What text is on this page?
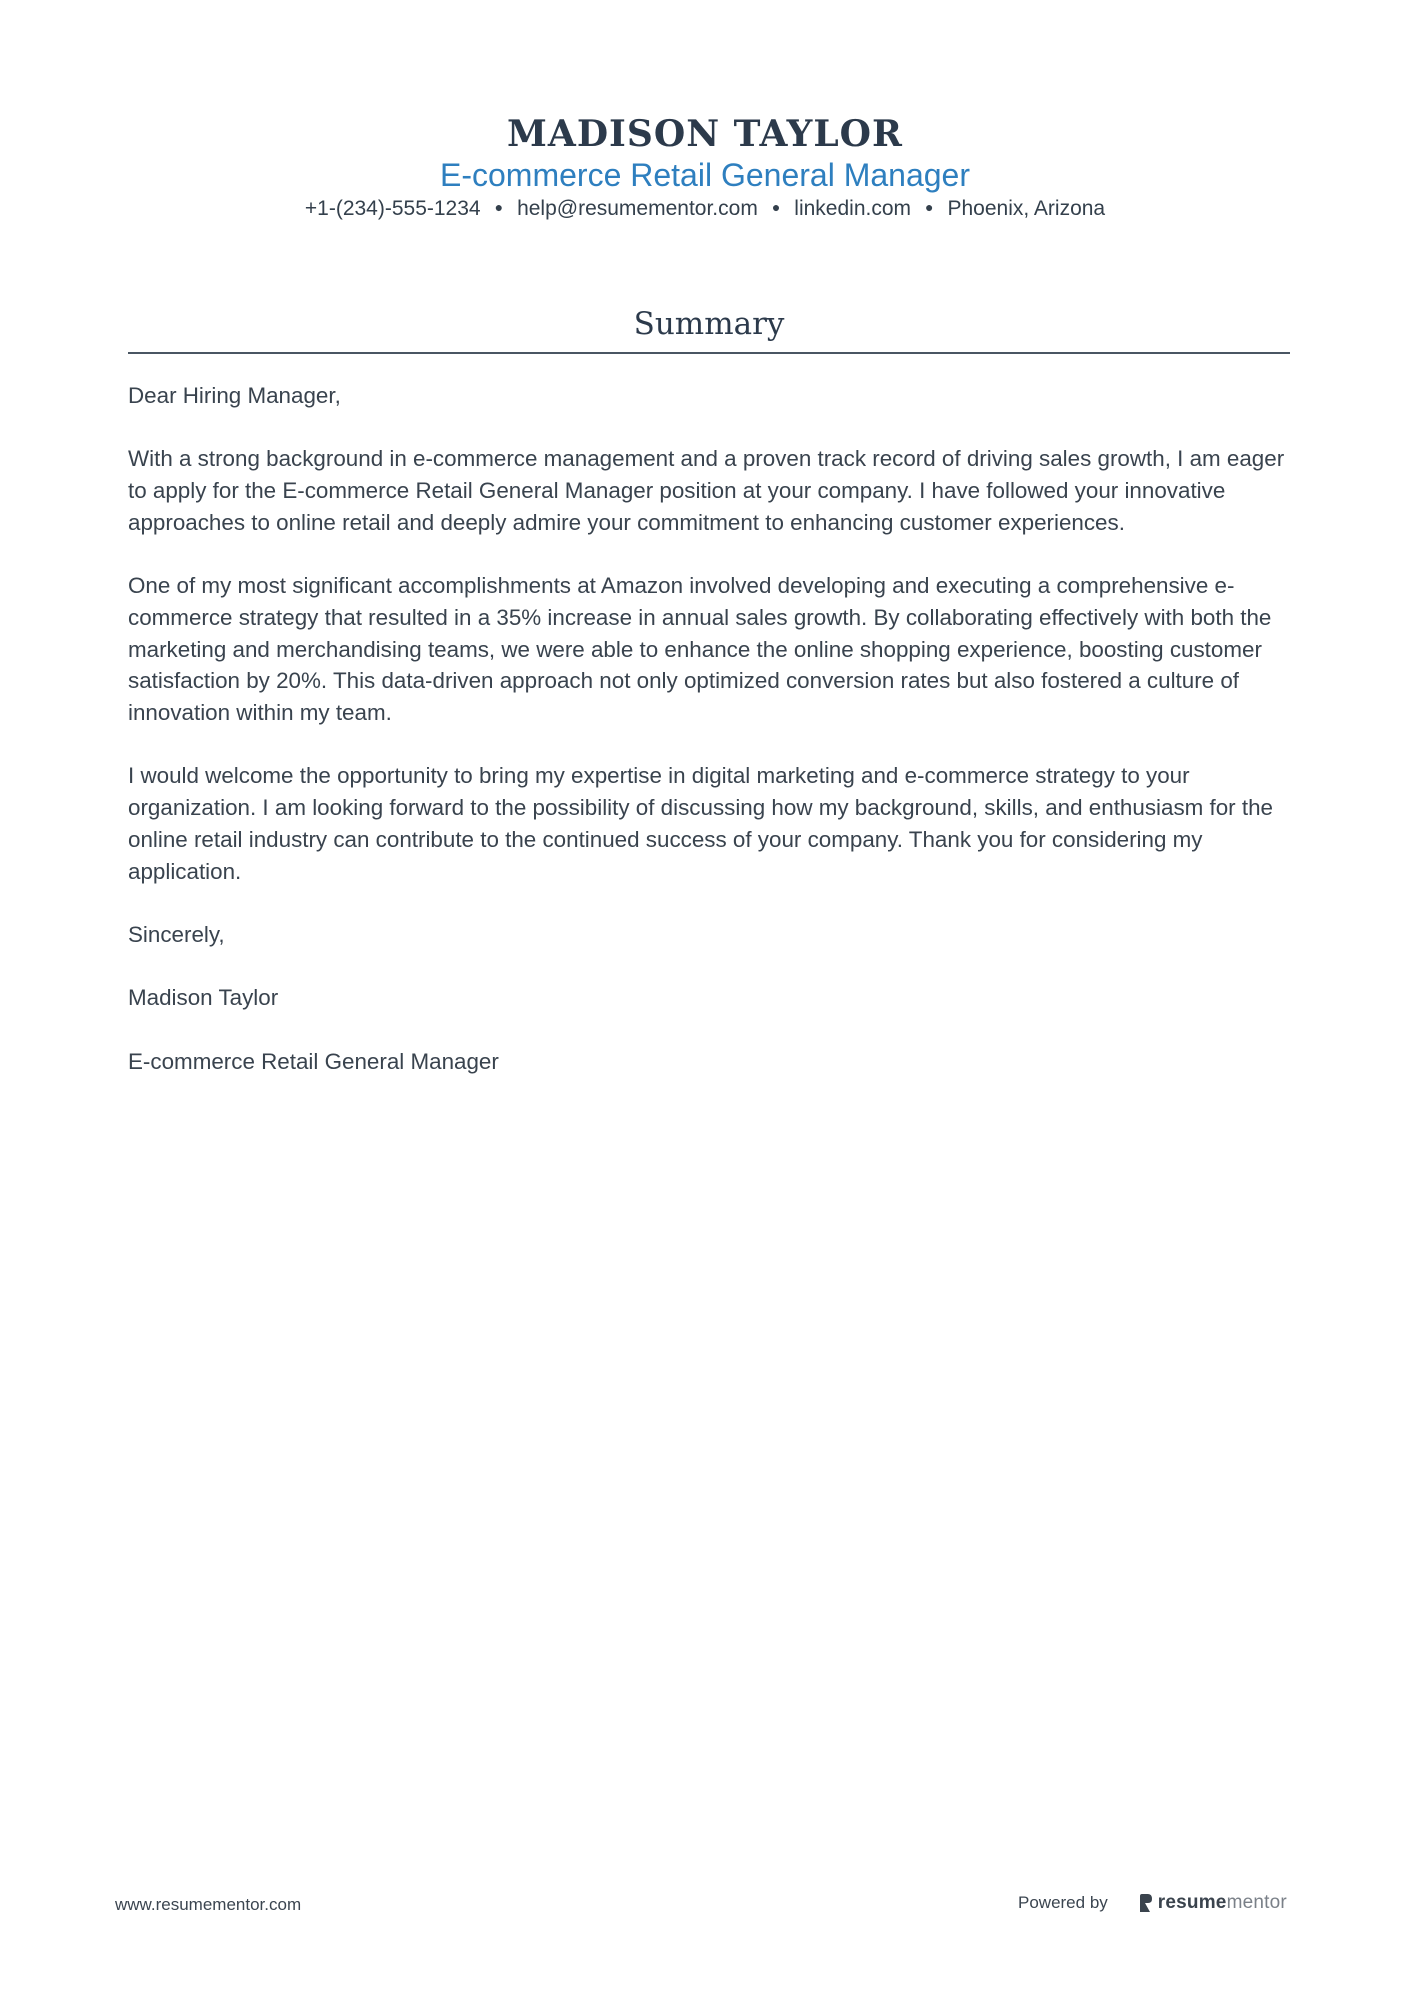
MADISON TAYLOR
E-commerce Retail General Manager
+1-(234)-555-1234 ● help@resumementor.com ● linkedin.com ● Phoenix, Arizona
Summary

Dear Hiring Manager,

With a strong background in e-commerce management and a proven track record of driving sales growth, I am eager to apply for the E-commerce Retail General Manager position at your company. I have followed your innovative approaches to online retail and deeply admire your commitment to enhancing customer experiences.

One of my most significant accomplishments at Amazon involved developing and executing a comprehensive e-commerce strategy that resulted in a 35% increase in annual sales growth. By collaborating effectively with both the marketing and merchandising teams, we were able to enhance the online shopping experience, boosting customer satisfaction by 20%. This data-driven approach not only optimized conversion rates but also fostered a culture of innovation within my team.

I would welcome the opportunity to bring my expertise in digital marketing and e-commerce strategy to your organization. I am looking forward to the possibility of discussing how my background, skills, and enthusiasm for the online retail industry can contribute to the continued success of your company. Thank you for considering my application.

Sincerely,

Madison Taylor

E-commerce Retail General Manager

www.resumementor.com	Powered by	resume mentor
